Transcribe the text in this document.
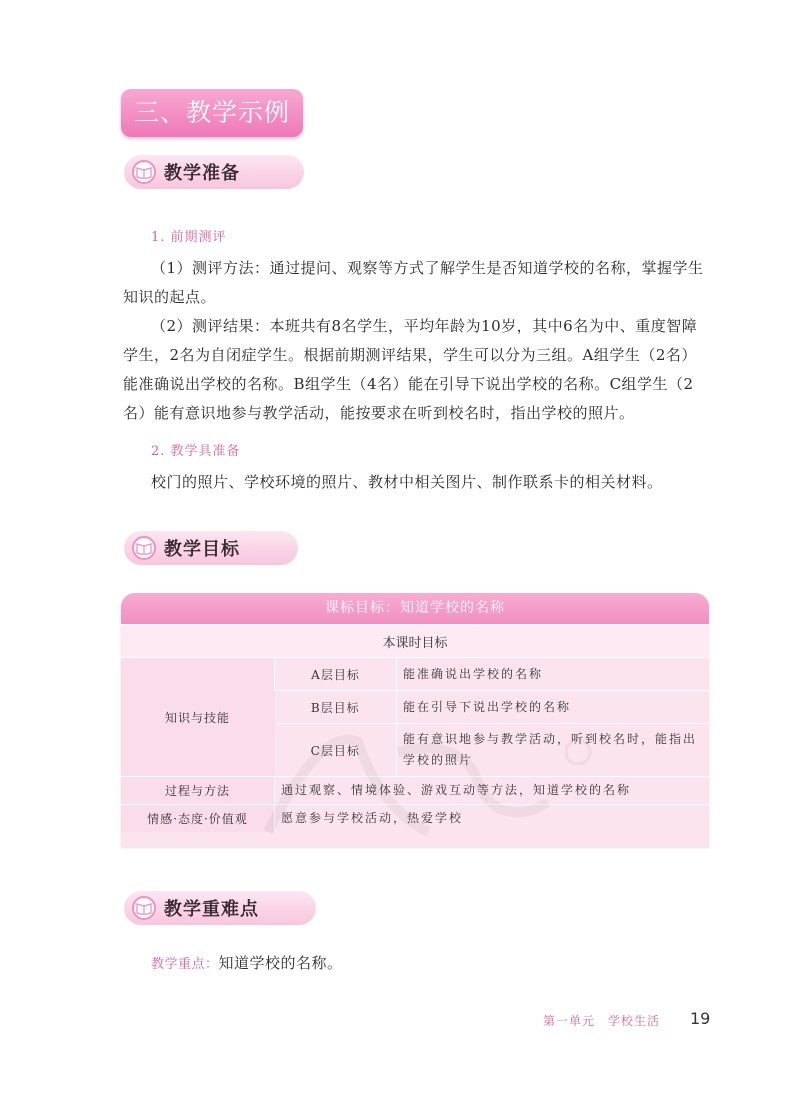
三、教学示例
教学准备
1. 前期测评
（1）测评方法：通过提问、观察等方式了解学生是否知道学校的名称，掌握学生知识的起点。
（2）测评结果：本班共有8名学生，平均年龄为10岁，其中6名为中、重度智障学生，2名为自闭症学生。根据前期测评结果，学生可以分为三组。A组学生（2名）能准确说出学校的名称。B组学生（4名）能在引导下说出学校的名称。C组学生（2名）能有意识地参与教学活动，能按要求在听到校名时，指出学校的照片。
2. 教学具准备
校门的照片、学校环境的照片、教材中相关图片、制作联系卡的相关材料。
教学目标
课标目标：知道学校的名称
本课时目标		
知识与技能	A层目标	能准确说出学校的名称
	B层目标	能在引导下说出学校的名称
	C层目标	能有意识地参与教学活动，听到校名时，能指出学校的照片
过程与方法	通过观察、情境体验、游戏互动等方法，知道学校的名称	
情感·态度·价值观	愿意参与学校活动，热爱学校	
教学重难点
教学重点：知道学校的名称。
第一单元　学校生活 19
